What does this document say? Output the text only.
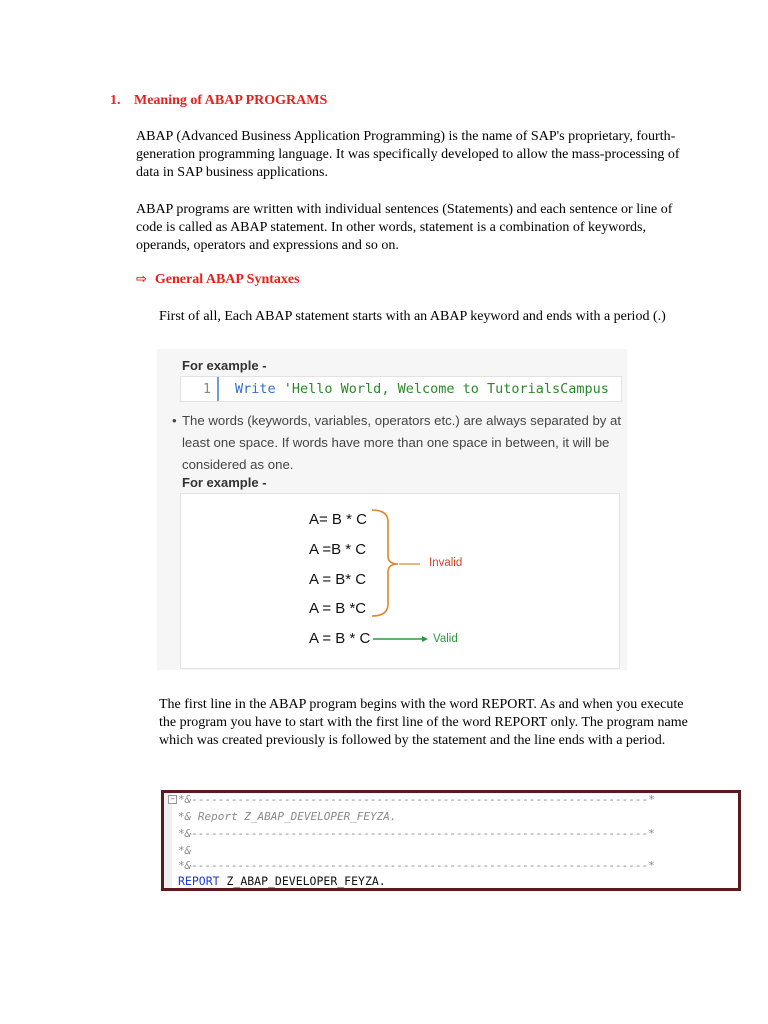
1. Meaning of ABAP PROGRAMS
ABAP (Advanced Business Application Programming) is the name of SAP's proprietary, fourth-generation programming language. It was specifically developed to allow the mass-processing of data in SAP business applications.
ABAP programs are written with individual sentences (Statements) and each sentence or line of code is called as ABAP statement. In other words, statement is a combination of keywords, operands, operators and expressions and so on.
⇨ General ABAP Syntaxes
First of all, Each ABAP statement starts with an ABAP keyword and ends with a period (.)
For example -
1	Write 'Hello World, Welcome to TutorialsCampus
• The words (keywords, variables, operators etc.) are always separated by at least one space. If words have more than one space in between, it will be considered as one.
For example -
A= B * C
A =B * C
A = B* C
A = B *C
A = B * C
Invalid
Valid
The first line in the ABAP program begins with the word REPORT. As and when you execute the program you have to start with the first line of the word REPORT only. The program name which was created previously is followed by the statement and the line ends with a period.
− *&---------------------------------------------------------------------*
*& Report Z_ABAP_DEVELOPER_FEYZA.
*&---------------------------------------------------------------------*
*&
*&---------------------------------------------------------------------*
REPORT Z_ABAP_DEVELOPER_FEYZA.
